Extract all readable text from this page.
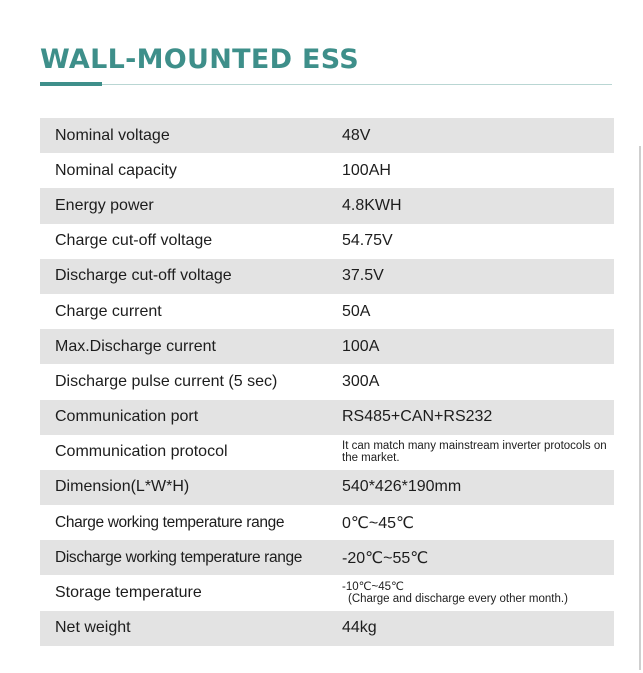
WALL-MOUNTED ESS
Nominal voltage	48V
Nominal capacity	100AH
Energy power	4.8KWH
Charge cut-off voltage	54.75V
Discharge cut-off voltage	37.5V
Charge current	50A
Max.Discharge current	100A
Discharge pulse current (5 sec)	300A
Communication port	RS485+CAN+RS232
Communication protocol	It can match many mainstream inverter protocols on the market.
Dimension(L*W*H)	540*426*190mm
Charge working temperature range	0℃~45℃
Discharge working temperature range	-20℃~55℃
Storage temperature	-10℃~45℃
(Charge and discharge every other month.)
Net weight	44kg
